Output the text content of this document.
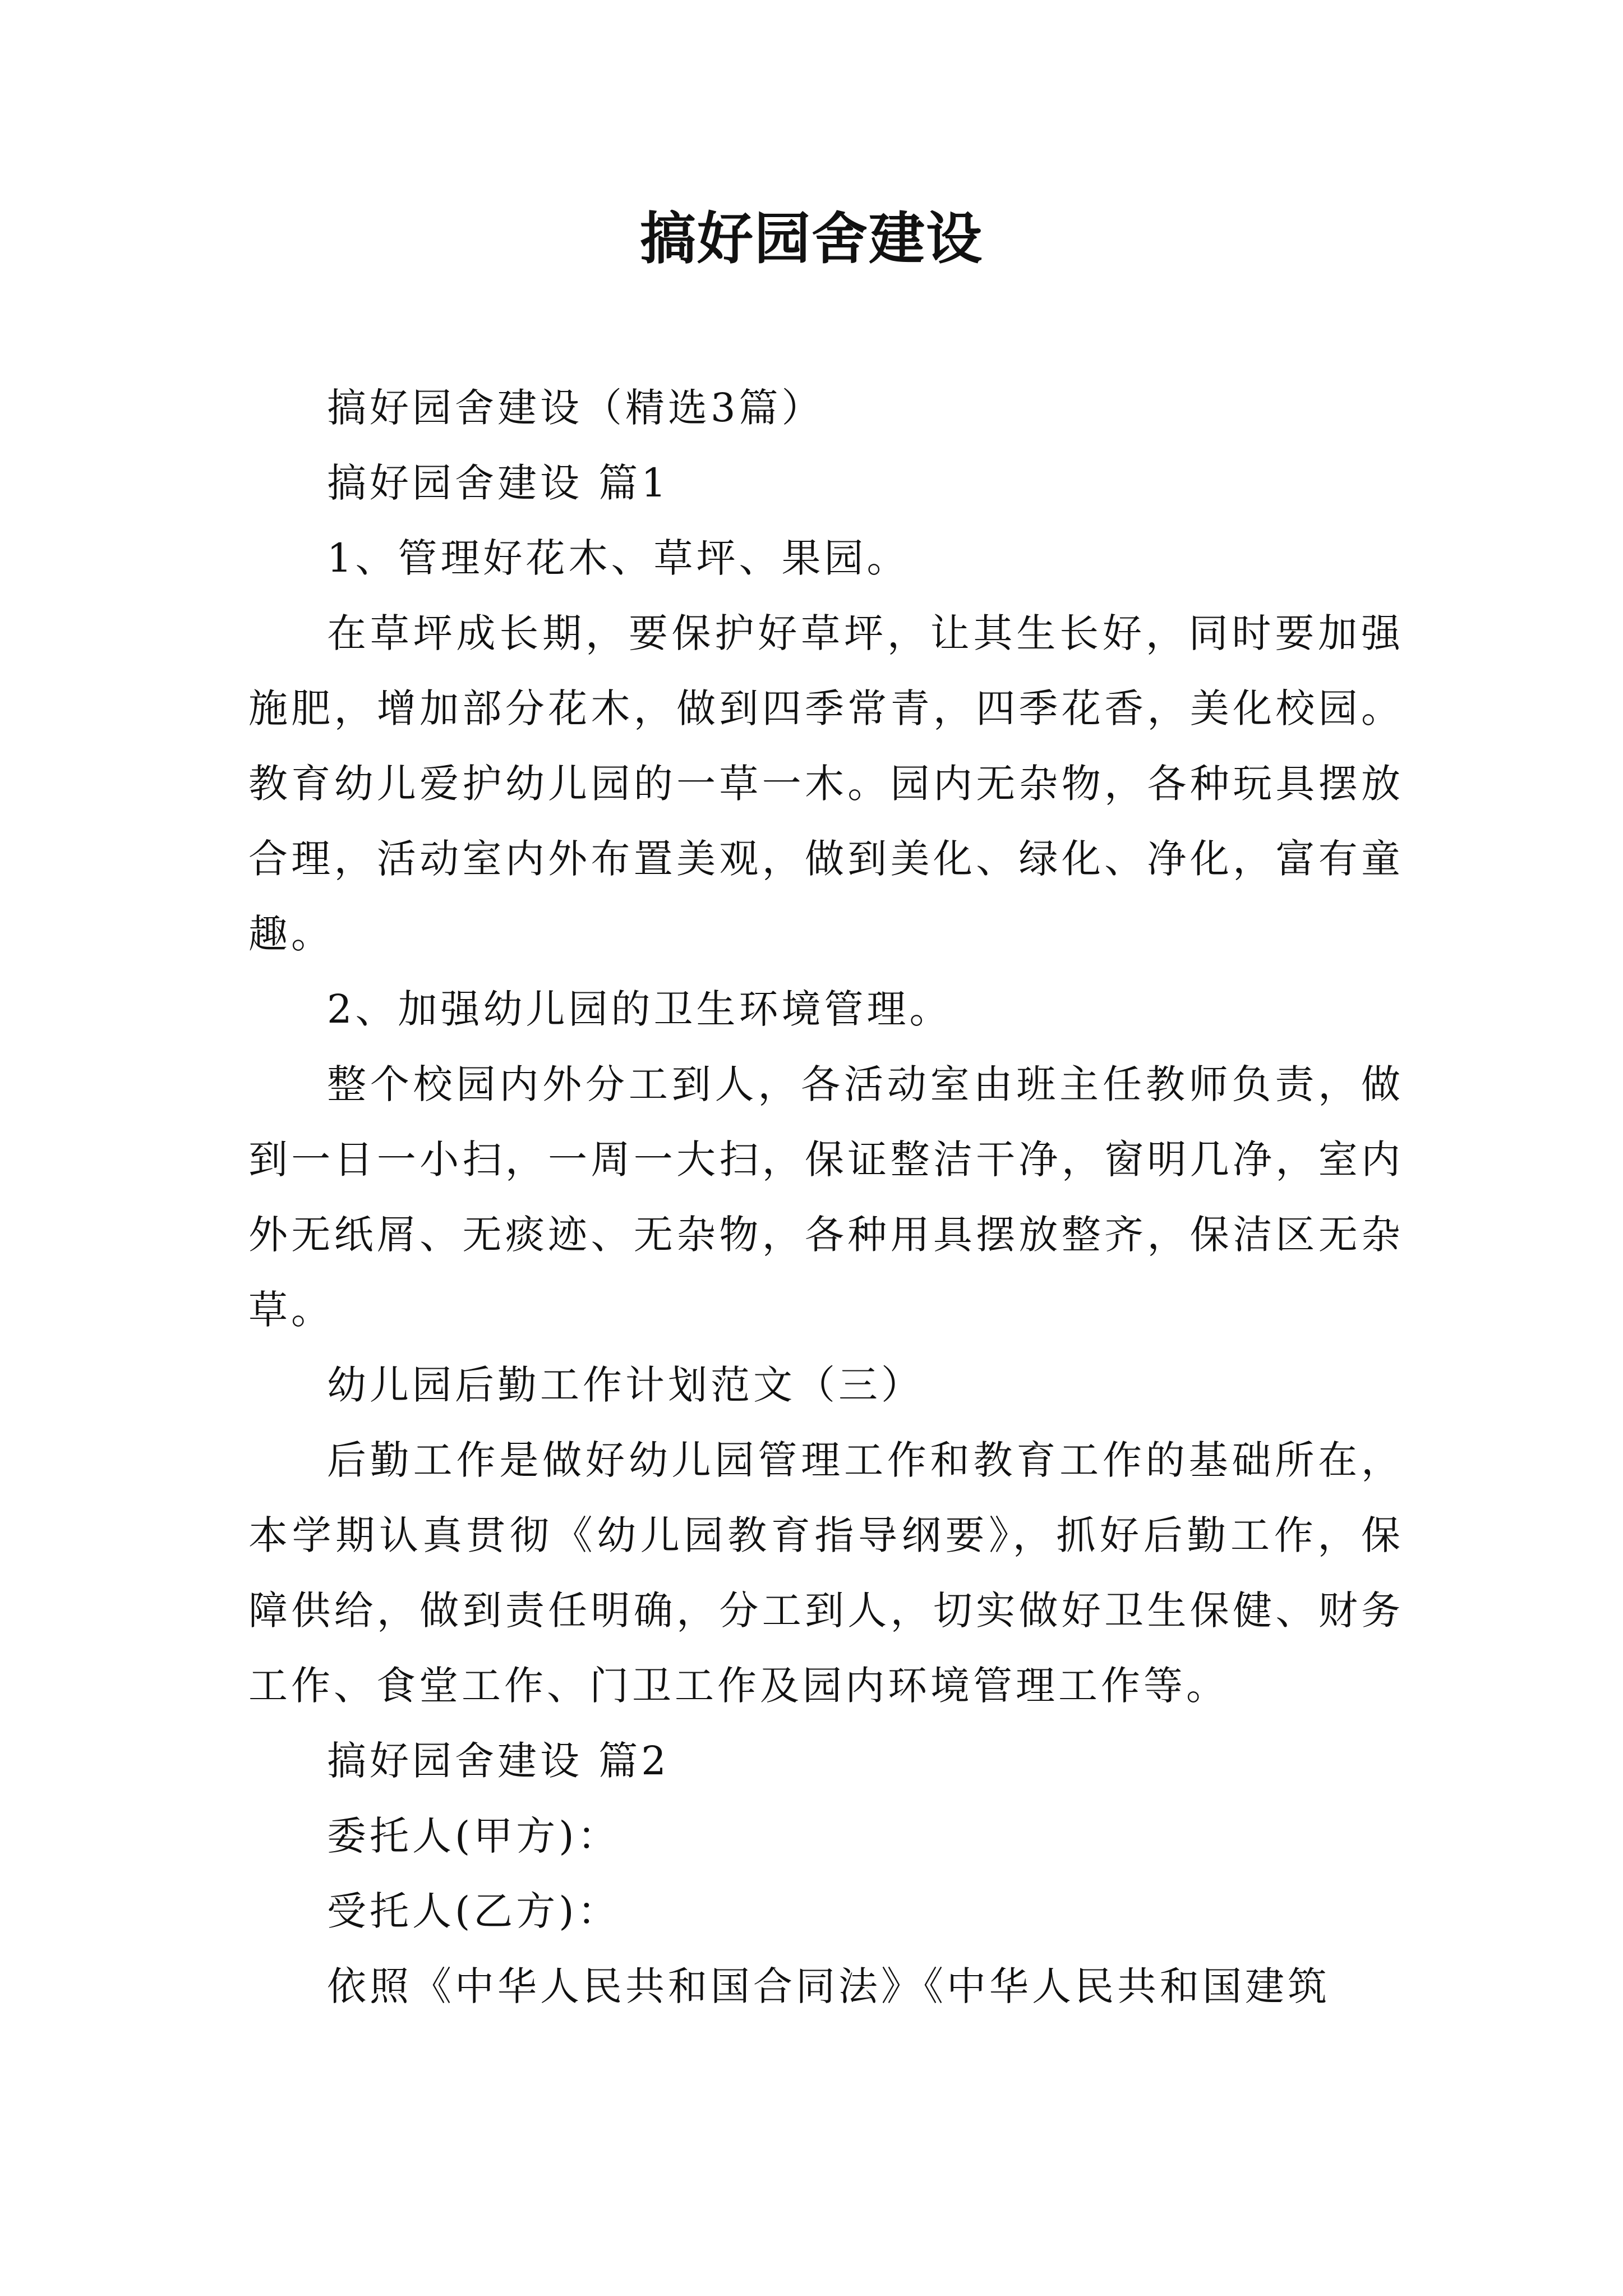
搞好园舍建设

搞好园舍建设（精选3篇）

搞好园舍建设 篇1

1、管理好花木、草坪、果园。

在草坪成长期，要保护好草坪，让其生长好，同时要加强施肥，增加部分花木，做到四季常青，四季花香，美化校园。教育幼儿爱护幼儿园的一草一木。园内无杂物，各种玩具摆放合理，活动室内外布置美观，做到美化、绿化、净化，富有童趣。

2、加强幼儿园的卫生环境管理。

整个校园内外分工到人，各活动室由班主任教师负责，做到一日一小扫，一周一大扫，保证整洁干净，窗明几净，室内外无纸屑、无痰迹、无杂物，各种用具摆放整齐，保洁区无杂草。

幼儿园后勤工作计划范文（三）

后勤工作是做好幼儿园管理工作和教育工作的基础所在，本学期认真贯彻《幼儿园教育指导纲要》，抓好后勤工作，保障供给，做到责任明确，分工到人，切实做好卫生保健、财务工作、食堂工作、门卫工作及园内环境管理工作等。

搞好园舍建设 篇2

委托人(甲方)：

受托人(乙方)：

依照《中华人民共和国合同法》《中华人民共和国建筑
